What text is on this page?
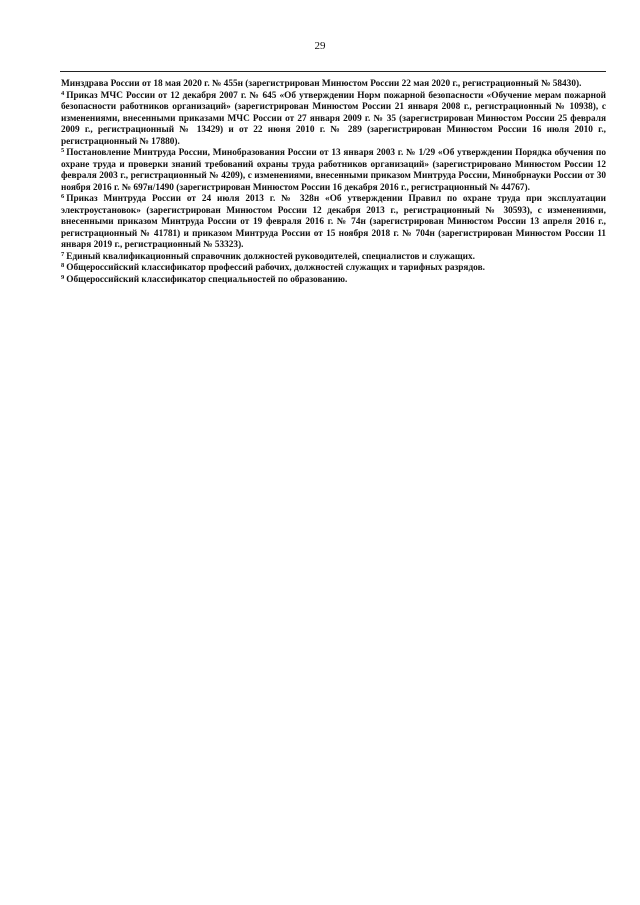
29

Минздрава России от 18 мая 2020 г. № 455н (зарегистрирован Минюстом России 22 мая 2020 г., регистрационный № 58430).

$^4$ Приказ МЧС России от 12 декабря 2007 г. № 645 «Об утверждении Норм пожарной безопасности «Обучение мерам пожарной безопасности работников организаций» (зарегистрирован Минюстом России 21 января 2008 г., регистрационный № 10938), с изменениями, внесенными приказами МЧС России от 27 января 2009 г. № 35 (зарегистрирован Минюстом России 25 февраля 2009 г., регистрационный № 13429) и от 22 июня 2010 г. № 289 (зарегистрирован Минюстом России 16 июля 2010 г., регистрационный № 17880).

$^5$ Постановление Минтруда России, Минобразования России от 13 января 2003 г. № 1/29 «Об утверждении Порядка обучения по охране труда и проверки знаний требований охраны труда работников организаций» (зарегистрировано Минюстом России 12 февраля 2003 г., регистрационный № 4209), с изменениями, внесенными приказом Минтруда России, Минобрнауки России от 30 ноября 2016 г. № 697н/1490 (зарегистрирован Минюстом России 16 декабря 2016 г., регистрационный № 44767).

$^6$ Приказ Минтруда России от 24 июля 2013 г. № 328н «Об утверждении Правил по охране труда при эксплуатации электроустановок» (зарегистрирован Минюстом России 12 декабря 2013 г., регистрационный № 30593), с изменениями, внесенными приказом Минтруда России от 19 февраля 2016 г. № 74н (зарегистрирован Минюстом России 13 апреля 2016 г., регистрационный № 41781) и приказом Минтруда России от 15 ноября 2018 г. № 704н (зарегистрирован Минюстом России 11 января 2019 г., регистрационный № 53323).

$^7$ Единый квалификационный справочник должностей руководителей, специалистов и служащих.

$^8$ Общероссийский классификатор профессий рабочих, должностей служащих и тарифных разрядов.

$^9$ Общероссийский классификатор специальностей по образованию.
